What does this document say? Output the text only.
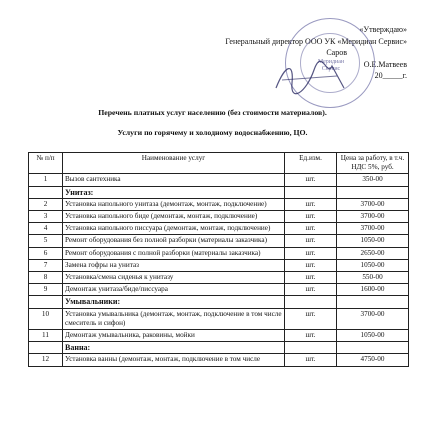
«Утверждаю»
Генеральный директор ООО УК «Меридиан Сервис»
Саров
О.Е.Матвеев
20_____г.
Меридиан
Сервис
Перечень платных услуг населению (без стоимости материалов).
Услуги по горячему и холодному водоснабжению, ЦО.
№ п/п	Наименование услуг	Ед.изм.	Цена за работу, в т.ч. НДС 5%, руб.
1	Вызов сантехника	шт.	350-00
	Унитаз:		
2	Установка напольного унитаза (демонтаж, монтаж, подключение)	шт.	3700-00
3	Установка напольного биде (демонтаж, монтаж, подключение)	шт.	3700-00
4	Установка напольного писсуара (демонтаж, монтаж, подключение)	шт.	3700-00
5	Ремонт оборудования без полной разборки (материалы заказчика)	шт.	1050-00
6	Ремонт оборудования с полной разборки (материалы заказчика)	шт.	2650-00
7	Замена гофры на унитаз	шт.	1050-00
8	Установка/смена сиденья к унитазу	шт.	550-00
9	Демонтаж унитаза/биде/писсуара	шт.	1600-00
	Умывальники:		
10	Установка умывальника (демонтаж, монтаж, подключение в том числе смеситель и сифон)	шт.	3700-00
11	Демонтаж умывальника, раковины, мойки	шт.	1050-00
	Ванна:		
12	Установка ванны (демонтаж, монтаж, подключение в том числе	шт.	4750-00
